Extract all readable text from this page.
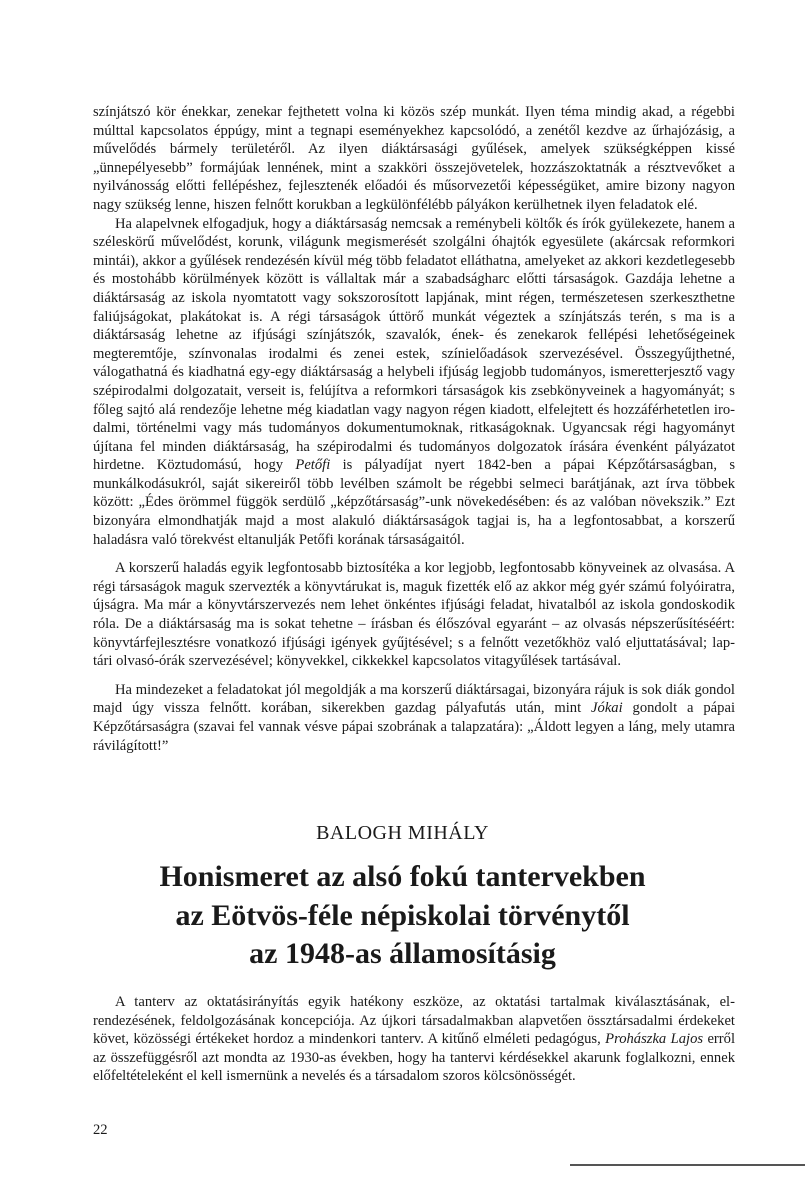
színjátszó kör énekkar, zenekar fejthetett volna ki közös szép munkát. Ilyen téma mindig akad, a régebbi múlttal kapcsolatos éppúgy, mint a tegnapi eseményekhez kapcsolódó, a zenétől kezdve az űrhajózásig, a művelődés bármely területéről. Az ilyen diáktársasági gyűlések, amelyek szükségképpen kissé „ünnepélyesebb” formájúak lennének, mint a szakköri összejövetelek, hozzászoktatnák a résztvevőket a nyilvánosság előtti fellépéshez, fejlesztenék előadói és műsorvezetői képességüket, amire bizony nagyon nagy szükség lenne, hiszen felnőtt korukban a legkülönfélébb pályákon kerülhetnek ilyen feladatok elé.

Ha alapelvnek elfogadjuk, hogy a diáktársaság nemcsak a reménybeli költők és írók gyülekezete, hanem a széleskörű művelődést, korunk, világunk megismerését szolgálni óhajtók egyesülete (akárcsak reformkori mintái), akkor a gyűlések rendezésén kívül még több feladatot elláthatna, amelyeket az akkori kezdetlegesebb és mostohább körülmények között is vállaltak már a szabadságharc előtti társaságok. Gazdája lehetne a diáktársaság az iskola nyomtatott vagy sokszorosított lapjának, mint régen, természetesen szerkeszthetne faliújságokat, plakátokat is. A régi társaságok úttörő munkát végeztek a színjátszás terén, s ma is a diáktársaság lehetne az ifjúsági színjátszók, szavalók, ének- és zenekarok fellépési lehetőségeinek megteremtője, színvonalas irodalmi és zenei estek, színielőadások szervezésével. Összegyűjthetné, válogathatná és kiadhatná egy-egy diáktársaság a helybeli ifjúság legjobb tudományos, ismeretterjesztő vagy szépirodalmi dolgozatait, verseit is, felújítva a reformkori társaságok kis zsebkönyveinek a hagyományát; s főleg sajtó alá rendezője lehetne még kiadatlan vagy nagyon régen kiadott, elfelejtett és hozzáférhetetlen irodalmi, történelmi vagy más tudományos dokumentumoknak, ritkaságoknak. Ugyancsak régi hagyományt újítana fel minden diáktársaság, ha szépirodalmi és tudományos dolgozatok írására évenként pályázatot hirdetne. Köztudomású, hogy Petőfi is pályadíjat nyert 1842-ben a pápai Képzőtársaságban, s munkálkodásukról, saját sikereiről több levélben számolt be régebbi selmeci barátjának, azt írva többek között: „Édes örömmel függök serdülő „képzőtársaság”-unk növekedésében: és az valóban növekszik.” Ezt bizonyára elmondhatják majd a most alakuló diáktársaságok tagjai is, ha a legfontosabbat, a korszerű haladásra való törekvést eltanulják Petőfi korának társaságaitól.

A korszerű haladás egyik legfontosabb biztosítéka a kor legjobb, legfontosabb könyveinek az olvasása. A régi társaságok maguk szervezték a könyvtárukat is, maguk fizették elő az akkor még gyér számú folyóiratra, újságra. Ma már a könyvtárszervezés nem lehet önkéntes ifjúsági feladat, hivatalból az iskola gondoskodik róla. De a diáktársaság ma is sokat tehetne – írásban és élőszóval egyaránt – az olvasás népszerűsítéséért: könyvtárfejlesztésre vonatkozó ifjúsági igények gyűjtésével; s a felnőtt vezetőkhöz való eljuttatásával; lap-tári olvasó-órák szervezésével; könyvekkel, cikkekkel kapcsolatos vitagyűlések tartásával.

Ha mindezeket a feladatokat jól megoldják a ma korszerű diáktársagai, bizonyára rájuk is sok diák gondol majd úgy vissza felnőtt. korában, sikerekben gazdag pályafutás után, mint Jókai gondolt a pápai Képzőtársaságra (szavai fel vannak vésve pápai szobrának a talapzatára): „Áldott legyen a láng, mely utamra rávilágított!”

BALOGH MIHÁLY
Honismeret az alsó fokú tantervekben
az Eötvös-féle népiskolai törvénytől
az 1948-as államosításig

A tanterv az oktatásirányítás egyik hatékony eszköze, az oktatási tartalmak kiválasztásának, elrendezésének, feldolgozásának koncepciója. Az újkori társadalmakban alapvetően össztársadalmi érdekeket követ, közösségi értékeket hordoz a mindenkori tanterv. A kitűnő elméleti pedagógus, Prohászka Lajos erről az összefüggésről azt mondta az 1930-as években, hogy ha tantervi kérdésekkel akarunk foglalkozni, ennek előfeltételeként el kell ismernünk a nevelés és a társadalom szoros kölcsönösségét.

22
